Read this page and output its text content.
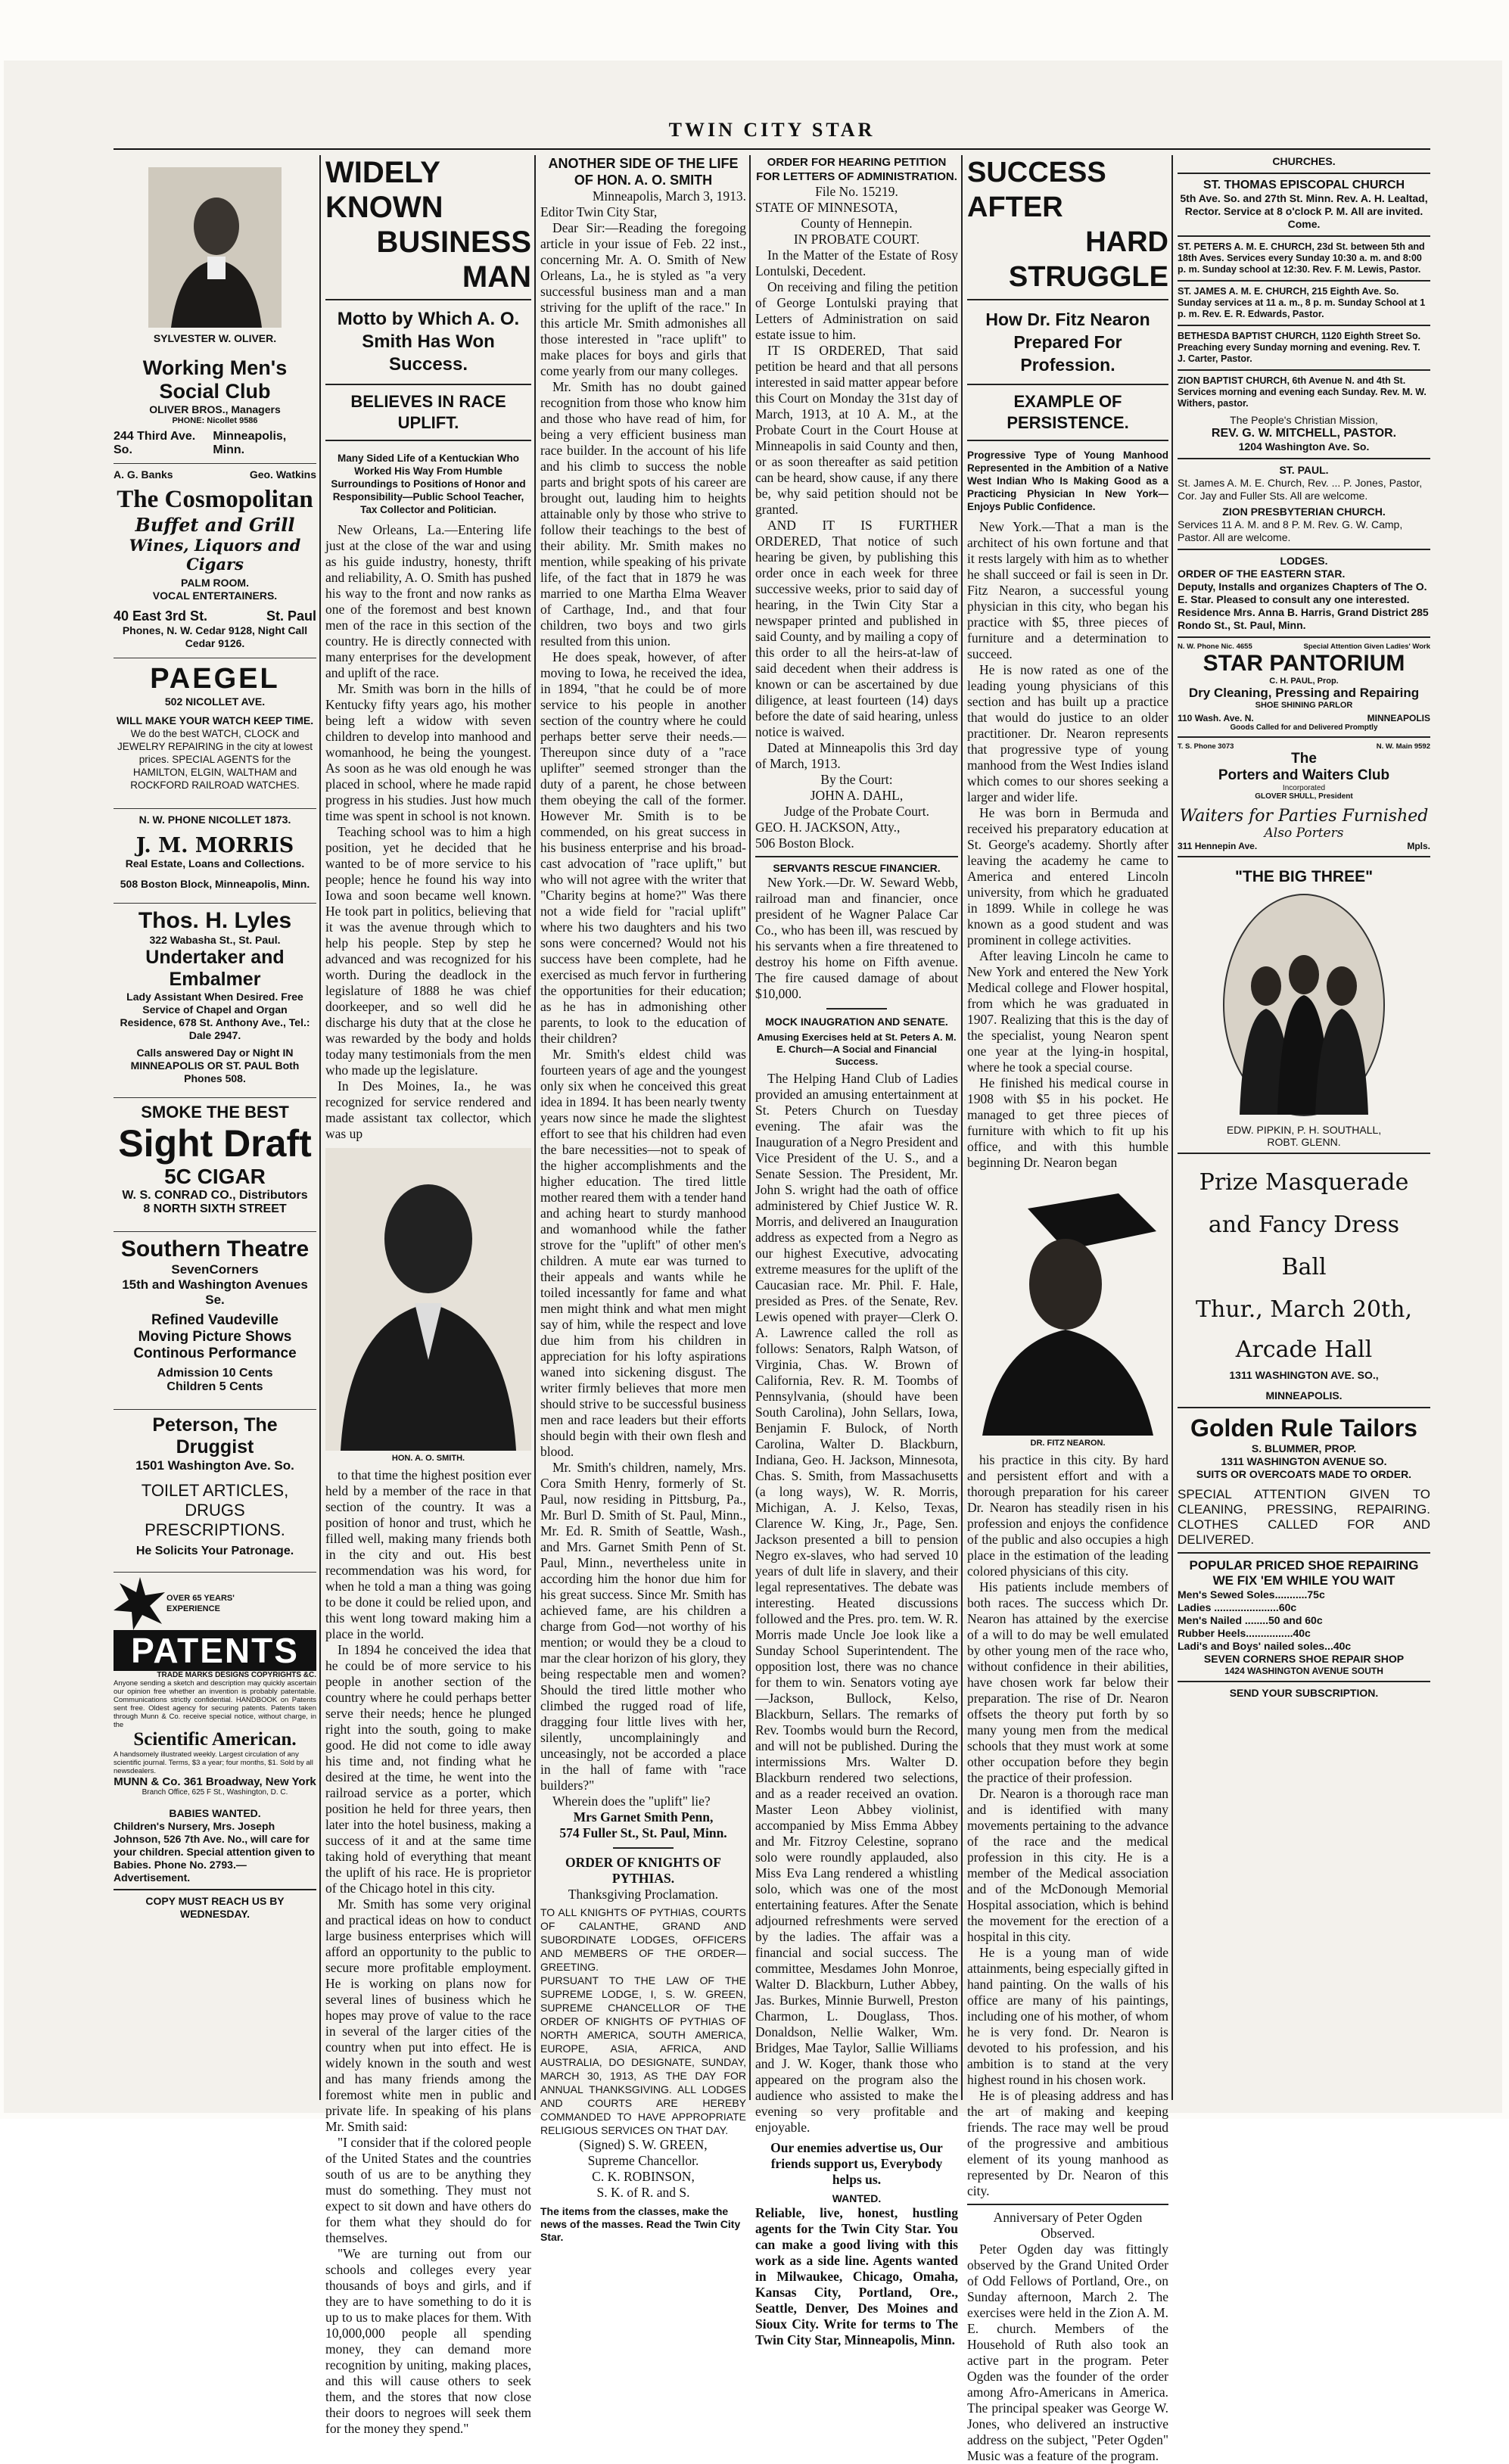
TWIN CITY STAR
SYLVESTER W. OLIVER.
Working Men's Social Club
OLIVER BROS., Managers
PHONE: Nicollet 9586
244 Third Ave. So.
Minneapolis, Minn.
A. G. Banks	Geo. Watkins
The Cosmopolitan
Buffet and Grill
Wines, Liquors and Cigars
PALM ROOM.
VOCAL ENTERTAINERS.
40 East 3rd St.	St. Paul
Phones, N. W. Cedar 9128, Night Call Cedar 9126.
PAEGEL
502 NICOLLET AVE.
WILL MAKE YOUR WATCH KEEP TIME.
We do the best WATCH, CLOCK and JEWELRY REPAIRING in the city at lowest prices. SPECIAL AGENTS for the HAMILTON, ELGIN, WALTHAM and ROCKFORD RAILROAD WATCHES.
N. W. PHONE NICOLLET 1873.
J. M. MORRIS
Real Estate, Loans and Collections.
508 Boston Block, Minneapolis, Minn.
Thos. H. Lyles
322 Wabasha St., St. Paul.
Undertaker and Embalmer
Lady Assistant When Desired. Free Service of Chapel and Organ Residence, 678 St. Anthony Ave., Tel.: Dale 2947.
Calls answered Day or Night IN MINNEAPOLIS OR ST. PAUL Both Phones 508.
SMOKE THE BEST
Sight Draft
5C CIGAR
W. S. CONRAD CO., Distributors
8 NORTH SIXTH STREET
Southern Theatre
SevenCorners
15th and Washington Avenues Se.
Refined Vaudeville
Moving Picture Shows
Continous Performance
Admission 10 Cents
Children 5 Cents
Peterson, The Druggist
1501 Washington Ave. So.
TOILET ARTICLES, DRUGS
PRESCRIPTIONS.
He Solicits Your Patronage.
OVER 65 YEARS' EXPERIENCE
PATENTS
TRADE MARKS DESIGNS COPYRIGHTS &C.
Anyone sending a sketch and description may quickly ascertain our opinion free whether an invention is probably patentable. Communications strictly confidential. HANDBOOK on Patents sent free. Oldest agency for securing patents. Patents taken through Munn & Co. receive special notice, without charge, in the
Scientific American.
A handsomely illustrated weekly. Largest circulation of any scientific journal. Terms, $3 a year; four months, $1. Sold by all newsdealers.
MUNN & Co. 361 Broadway, New York
Branch Office, 625 F St., Washington, D. C.
BABIES WANTED.
Children's Nursery, Mrs. Joseph Johnson, 526 7th Ave. No., will care for your children. Special attention given to Babies. Phone No. 2793.—Advertisement.
COPY MUST REACH US BY WEDNESDAY.
WIDELY KNOWN
BUSINESS MAN
Motto by Which A. O. Smith Has Won Success.
BELIEVES IN RACE UPLIFT.
Many Sided Life of a Kentuckian Who Worked His Way From Humble Surroundings to Positions of Honor and Responsibility—Public School Teacher, Tax Collector and Politician.

New Orleans, La.—Entering life just at the close of the war and using as his guide industry, honesty, thrift and reliability, A. O. Smith has pushed his way to the front and now ranks as one of the foremost and best known men of the race in this section of the country. He is directly connected with many enterprises for the development and uplift of the race.

Mr. Smith was born in the hills of Kentucky fifty years ago, his mother being left a widow with seven children to develop into manhood and womanhood, he being the youngest. As soon as he was old enough he was placed in school, where he made rapid progress in his studies. Just how much time was spent in school is not known.

Teaching school was to him a high position, yet he decided that he wanted to be of more service to his people; hence he found his way into Iowa and soon became well known. He took part in politics, believing that it was the avenue through which to help his people. Step by step he advanced and was recognized for his worth. During the deadlock in the legislature of 1888 he was chief doorkeeper, and so well did he discharge his duty that at the close he was rewarded by the body and holds today many testimonials from the men who made up the legislature.

In Des Moines, Ia., he was recognized for service rendered and made assistant tax collector, which was up

HON. A. O. SMITH.

to that time the highest position ever held by a member of the race in that section of the country. It was a position of honor and trust, which he filled well, making many friends both in the city and out. His best recommendation was his word, for when he told a man a thing was going to be done it could be relied upon, and this went long toward making him a place in the world.

In 1894 he conceived the idea that he could be of more service to his people in another section of the country where he could perhaps better serve their needs; hence he plunged right into the south, going to make good. He did not come to idle away his time and, not finding what he desired at the time, he went into the railroad service as a porter, which position he held for three years, then later into the hotel business, making a success of it and at the same time taking hold of everything that meant the uplift of his race. He is proprietor of the Chicago hotel in this city.

Mr. Smith has some very original and practical ideas on how to conduct large business enterprises which will afford an opportunity to the public to secure more profitable employment. He is working on plans now for several lines of business which he hopes may prove of value to the race in several of the larger cities of the country when put into effect. He is widely known in the south and west and has many friends among the foremost white men in public and private life. In speaking of his plans Mr. Smith said:

"I consider that if the colored people of the United States and the countries south of us are to be anything they must do something. They must not expect to sit down and have others do for them what they should do for themselves.

"We are turning out from our schools and colleges every year thousands of boys and girls, and if they are to have something to do it is up to us to make places for them. With 10,000,000 people all spending money, they can demand more recognition by uniting, making places, and this will cause others to seek them, and the stores that now close their doors to negroes will seek them for the money they spend."

ANOTHER SIDE OF THE LIFE OF HON. A. O. SMITH
Minneapolis, March 3, 1913.
Editor Twin City Star,

Dear Sir:—Reading the foregoing article in your issue of Feb. 22 inst., concerning Mr. A. O. Smith of New Orleans, La., he is styled as "a very successful business man and a man striving for the uplift of the race." In this article Mr. Smith admonishes all those interested in "race uplift" to make places for boys and girls that come yearly from our many colleges.

Mr. Smith has no doubt gained recognition from those who know him and those who have read of him, for being a very efficient business man race builder. In the account of his life and his climb to success the noble parts and bright spots of his career are brought out, lauding him to heights attainable only by those who strive to follow their teachings to the best of their ability. Mr. Smith makes no mention, while speaking of his private life, of the fact that in 1879 he was married to one Martha Elma Weaver of Carthage, Ind., and that four children, two boys and two girls resulted from this union.

He does speak, however, of after moving to Iowa, he received the idea, in 1894, "that he could be of more service to his people in another section of the country where he could perhaps better serve their needs.—Thereupon since duty of a "race uplifter" seemed stronger than the duty of a parent, he chose between them obeying the call of the former. However Mr. Smith is to be commended, on his great success in his business enterprise and his broad-cast advocation of "race uplift," but who will not agree with the writer that "Charity begins at home?" Was there not a wide field for "racial uplift" where his two daughters and his two sons were concerned? Would not his success have been complete, had he exercised as much fervor in furthering the opportunities for their education; as he has in admonishing other parents, to look to the education of their children?

Mr. Smith's eldest child was fourteen years of age and the youngest only six when he conceived this great idea in 1894. It has been nearly twenty years now since he made the slightest effort to see that his children had even the bare necessities—not to speak of the higher accomplishments and the higher education. The tired little mother reared them with a tender hand and aching heart to sturdy manhood and womanhood while the father strove for the "uplift" of other men's children. A mute ear was turned to their appeals and wants while he toiled incessantly for fame and what men might think and what men might say of him, while the respect and love due him from his children in appreciation for his lofty aspirations waned into sickening disgust. The writer firmly believes that more men should strive to be successful business men and race leaders but their efforts should begin with their own flesh and blood.

Mr. Smith's children, namely, Mrs. Cora Smith Henry, formerly of St. Paul, now residing in Pittsburg, Pa., Mr. Burl D. Smith of St. Paul, Minn., Mr. Ed. R. Smith of Seattle, Wash., and Mrs. Garnet Smith Penn of St. Paul, Minn., nevertheless unite in according him the honor due him for his great success. Since Mr. Smith has achieved fame, are his children a charge from God—not worthy of his mention; or would they be a cloud to mar the clear horizon of his glory, they being respectable men and women? Should the tired little mother who climbed the rugged road of life, dragging four little lives with her, silently, uncomplainingly and unceasingly, not be accorded a place in the hall of fame with "race builders?"

Wherein does the "uplift" lie?

Mrs Garnet Smith Penn,
574 Fuller St., St. Paul, Minn.
ORDER OF KNIGHTS OF PYTHIAS.
Thanksgiving Proclamation.
TO ALL KNIGHTS OF PYTHIAS, COURTS OF CALANTHE, GRAND AND SUBORDINATE LODGES, OFFICERS AND MEMBERS OF THE ORDER—GREETING.
PURSUANT TO THE LAW OF THE SUPREME LODGE, I, S. W. GREEN, SUPREME CHANCELLOR OF THE ORDER OF KNIGHTS OF PYTHIAS OF NORTH AMERICA, SOUTH AMERICA, EUROPE, ASIA, AFRICA, AND AUSTRALIA, DO DESIGNATE, SUNDAY, MARCH 30, 1913, AS THE DAY FOR ANNUAL THANKSGIVING. ALL LODGES AND COURTS ARE HEREBY COMMANDED TO HAVE APPROPRIATE RELIGIOUS SERVICES ON THAT DAY.
(Signed) S. W. GREEN,
Supreme Chancellor.
C. K. ROBINSON,
S. K. of R. and S.
The items from the classes, make the news of the masses. Read the Twin City Star.
ORDER FOR HEARING PETITION FOR LETTERS OF ADMINISTRATION.
File No. 15219.
STATE OF MINNESOTA,
County of Hennepin.
IN PROBATE COURT.

In the Matter of the Estate of Rosy Lontulski, Decedent.

On receiving and filing the petition of George Lontulski praying that Letters of Administration on said estate issue to him.

IT IS ORDERED, That said petition be heard and that all persons interested in said matter appear before this Court on Monday the 31st day of March, 1913, at 10 A. M., at the Probate Court in the Court House at Minneapolis in said County and then, or as soon thereafter as said petition can be heard, show cause, if any there be, why said petition should not be granted.

AND IT IS FURTHER ORDERED, That notice of such hearing be given, by publishing this order once in each week for three successive weeks, prior to said day of hearing, in the Twin City Star a newspaper printed and published in said County, and by mailing a copy of this order to all the heirs-at-law of said decedent when their address is known or can be ascertained by due diligence, at least fourteen (14) days before the date of said hearing, unless notice is waived.

Dated at Minneapolis this 3rd day of March, 1913.

By the Court:
JOHN A. DAHL,
Judge of the Probate Court.
GEO. H. JACKSON, Atty.,
506 Boston Block.
SERVANTS RESCUE FINANCIER.

New York.—Dr. W. Seward Webb, railroad man and financier, once president of he Wagner Palace Car Co., who has been ill, was rescued by his servants when a fire threatened to destroy his home on Fifth avenue. The fire caused damage of about $10,000.

MOCK INAUGRATION AND SENATE.
Amusing Exercises held at St. Peters A. M. E. Church—A Social and Financial Success.

The Helping Hand Club of Ladies provided an amusing entertainment at St. Peters Church on Tuesday evening. The afair was the Inauguration of a Negro President and Vice President of the U. S., and a Senate Session. The President, Mr. John S. wright had the oath of office administered by Chief Justice W. R. Morris, and delivered an Inauguration address as expected from a Negro as our highest Executive, advocating extreme measures for the uplift of the Caucasian race. Mr. Phil. F. Hale, presided as Pres. of the Senate, Rev. Lewis opened with prayer—Clerk O. A. Lawrence called the roll as follows: Senators, Ralph Watson, of Virginia, Chas. W. Brown of California, Rev. R. M. Toombs of Pennsylvania, (should have been South Carolina), John Sellars, Iowa, Benjamin F. Bulock, of North Carolina, Walter D. Blackburn, Indiana, Geo. H. Jackson, Minnesota, Chas. S. Smith, from Massachusetts (a long ways), W. R. Morris, Michigan, A. J. Kelso, Texas, Clarence W. King, Jr., Page, Sen. Jackson presented a bill to pension Negro ex-slaves, who had served 10 years of dult life in slavery, and their legal representatives. The debate was interesting. Heated discussions followed and the Pres. pro. tem. W. R. Morris made Uncle Joe look like a Sunday School Superintendent. The opposition lost, there was no chance for them to win. Senators voting aye —Jackson, Bullock, Kelso, Blackburn, Sellars. The remarks of Rev. Toombs would burn the Record, and will not be published. During the intermissions Mrs. Walter D. Blackburn rendered two selections, and as a reader received an ovation. Master Leon Abbey violinist, accompanied by Miss Emma Abbey and Mr. Fitzroy Celestine, soprano solo were roundly applauded, also Miss Eva Lang rendered a whistling solo, which was one of the most entertaining features. After the Senate adjourned refreshments were served by the ladies. The affair was a financial and social success. The committee, Mesdames John Monroe, Walter D. Blackburn, Luther Abbey, Jas. Burkes, Minnie Burwell, Preston Charmon, L. Douglass, Thos. Donaldson, Nellie Walker, Wm. Bridges, Mae Taylor, Sallie Williams and J. W. Koger, thank those who appeared on the program also the audience who assisted to make the evening so very profitable and enjoyable.

Our enemies advertise us, Our friends support us, Everybody helps us.
WANTED.
Reliable, live, honest, hustling agents for the Twin City Star. You can make a good living with this work as a side line. Agents wanted in Milwaukee, Chicago, Omaha, Kansas City, Portland, Ore., Seattle, Denver, Des Moines and Sioux City. Write for terms to The Twin City Star, Minneapolis, Minn.
SUCCESS AFTER
HARD STRUGGLE
How Dr. Fitz Nearon Prepared For Profession.
EXAMPLE OF PERSISTENCE.
Progressive Type of Young Manhood Represented in the Ambition of a Native West Indian Who Is Making Good as a Practicing Physician In New York—Enjoys Public Confidence.

New York.—That a man is the architect of his own fortune and that it rests largely with him as to whether he shall succeed or fail is seen in Dr. Fitz Nearon, a successful young physician in this city, who began his practice with $5, three pieces of furniture and a determination to succeed.

He is now rated as one of the leading young physicians of this section and has built up a practice that would do justice to an older practitioner. Dr. Nearon represents that progressive type of young manhood from the West Indies island which comes to our shores seeking a larger and wider life.

He was born in Bermuda and received his preparatory education at St. George's academy. Shortly after leaving the academy he came to America and entered Lincoln university, from which he graduated in 1899. While in college he was known as a good student and was prominent in college activities.

After leaving Lincoln he came to New York and entered the New York Medical college and Flower hospital, from which he was graduated in 1907. Realizing that this is the day of the specialist, young Nearon spent one year at the lying-in hospital, where he took a special course.

He finished his medical course in 1908 with $5 in his pocket. He managed to get three pieces of furniture with which to fit up his office, and with this humble beginning Dr. Nearon began

DR. FITZ NEARON.

his practice in this city. By hard and persistent effort and with a thorough preparation for his career Dr. Nearon has steadily risen in his profession and enjoys the confidence of the public and also occupies a high place in the estimation of the leading colored physicians of this city.

His patients include members of both races. The success which Dr. Nearon has attained by the exercise of a will to do may be well emulated by other young men of the race who, without confidence in their abilities, have chosen work far below their preparation. The rise of Dr. Nearon offsets the theory put forth by so many young men from the medical schools that they must work at some other occupation before they begin the practice of their profession.

Dr. Nearon is a thorough race man and is identified with many movements pertaining to the advance of the race and the medical profession in this city. He is a member of the Medical association and of the McDonough Memorial Hospital association, which is behind the movement for the erection of a hospital in this city.

He is a young man of wide attainments, being especially gifted in hand painting. On the walls of his office are many of his paintings, including one of his mother, of whom he is very fond. Dr. Nearon is devoted to his profession, and his ambition is to stand at the very highest round in his chosen work.

He is of pleasing address and has the art of making and keeping friends. The race may well be proud of the progressive and ambitious element of its young manhood as represented by Dr. Nearon of this city.

Anniversary of Peter Ogden Observed.

Peter Ogden day was fittingly observed by the Grand United Order of Odd Fellows of Portland, Ore., on Sunday afternoon, March 2. The exercises were held in the Zion A. M. E. church. Members of the Household of Ruth also took an active part in the program. Peter Ogden was the founder of the order among Afro-Americans in America. The principal speaker was George W. Jones, who delivered an instructive address on the subject, "Peter Ogden" Music was a feature of the program.

CHURCHES.
ST. THOMAS EPISCOPAL CHURCH
5th Ave. So. and 27th St. Minn. Rev. A. H. Lealtad, Rector. Service at 8 o'clock P. M. All are invited. Come.
ST. PETERS A. M. E. CHURCH, 23d St. between 5th and 18th Aves. Services every Sunday 10:30 a. m. and 8:00 p. m. Sunday school at 12:30. Rev. F. M. Lewis, Pastor.
ST. JAMES A. M. E. CHURCH, 215 Eighth Ave. So. Sunday services at 11 a. m., 8 p. m. Sunday School at 1 p. m. Rev. E. R. Edwards, Pastor.
BETHESDA BAPTIST CHURCH, 1120 Eighth Street So. Preaching every Sunday morning and evening. Rev. T. J. Carter, Pastor.
ZION BAPTIST CHURCH, 6th Avenue N. and 4th St. Services morning and evening each Sunday. Rev. M. W. Withers, pastor.
The People's Christian Mission,
REV. G. W. MITCHELL, PASTOR.
1204 Washington Ave. So.
ST. PAUL.
St. James A. M. E. Church, Rev. ... P. Jones, Pastor, Cor. Jay and Fuller Sts. All are welcome.
ZION PRESBYTERIAN CHURCH.
Services 11 A. M. and 8 P. M. Rev. G. W. Camp, Pastor. All are welcome.
LODGES.
ORDER OF THE EASTERN STAR.
Deputy, Installs and organizes Chapters of The O. E. Star. Pleased to consult any one interested. Residence Mrs. Anna B. Harris, Grand District 285 Rondo St., St. Paul, Minn.
N. W. Phone Nic. 4655	Special Attention Given Ladies' Work
STAR PANTORIUM
C. H. PAUL, Prop.
Dry Cleaning, Pressing and Repairing
SHOE SHINING PARLOR
110 Wash. Ave. N.	MINNEAPOLIS
Goods Called for and Delivered Promptly
T. S. Phone 3073	N. W. Main 9592
The
Porters and Waiters Club
Incorporated
GLOVER SHULL, President
Waiters for Parties Furnished
Also Porters
311 Hennepin Ave.	Mpls.
"THE BIG THREE"
EDW. PIPKIN, P. H. SOUTHALL,
ROBT. GLENN.
Prize Masquerade
and Fancy Dress
Ball
Thur., March 20th,
Arcade Hall
1311 WASHINGTON AVE. SO.,
MINNEAPOLIS.
Golden Rule Tailors
S. BLUMMER, PROP.
1311 WASHINGTON AVENUE SO.
SUITS OR OVERCOATS MADE TO ORDER.
SPECIAL ATTENTION GIVEN TO CLEANING, PRESSING, REPAIRING. CLOTHES CALLED FOR AND DELIVERED.
POPULAR PRICED SHOE REPAIRING
WE FIX 'EM WHILE YOU WAIT
Men's Sewed Soles...........75c
Ladies ......................60c
Men's Nailed ........50 and 60c
Rubber Heels................40c
Ladi's and Boys' nailed soles...40c
SEVEN CORNERS SHOE REPAIR SHOP
1424 WASHINGTON AVENUE SOUTH
SEND YOUR SUBSCRIPTION.
